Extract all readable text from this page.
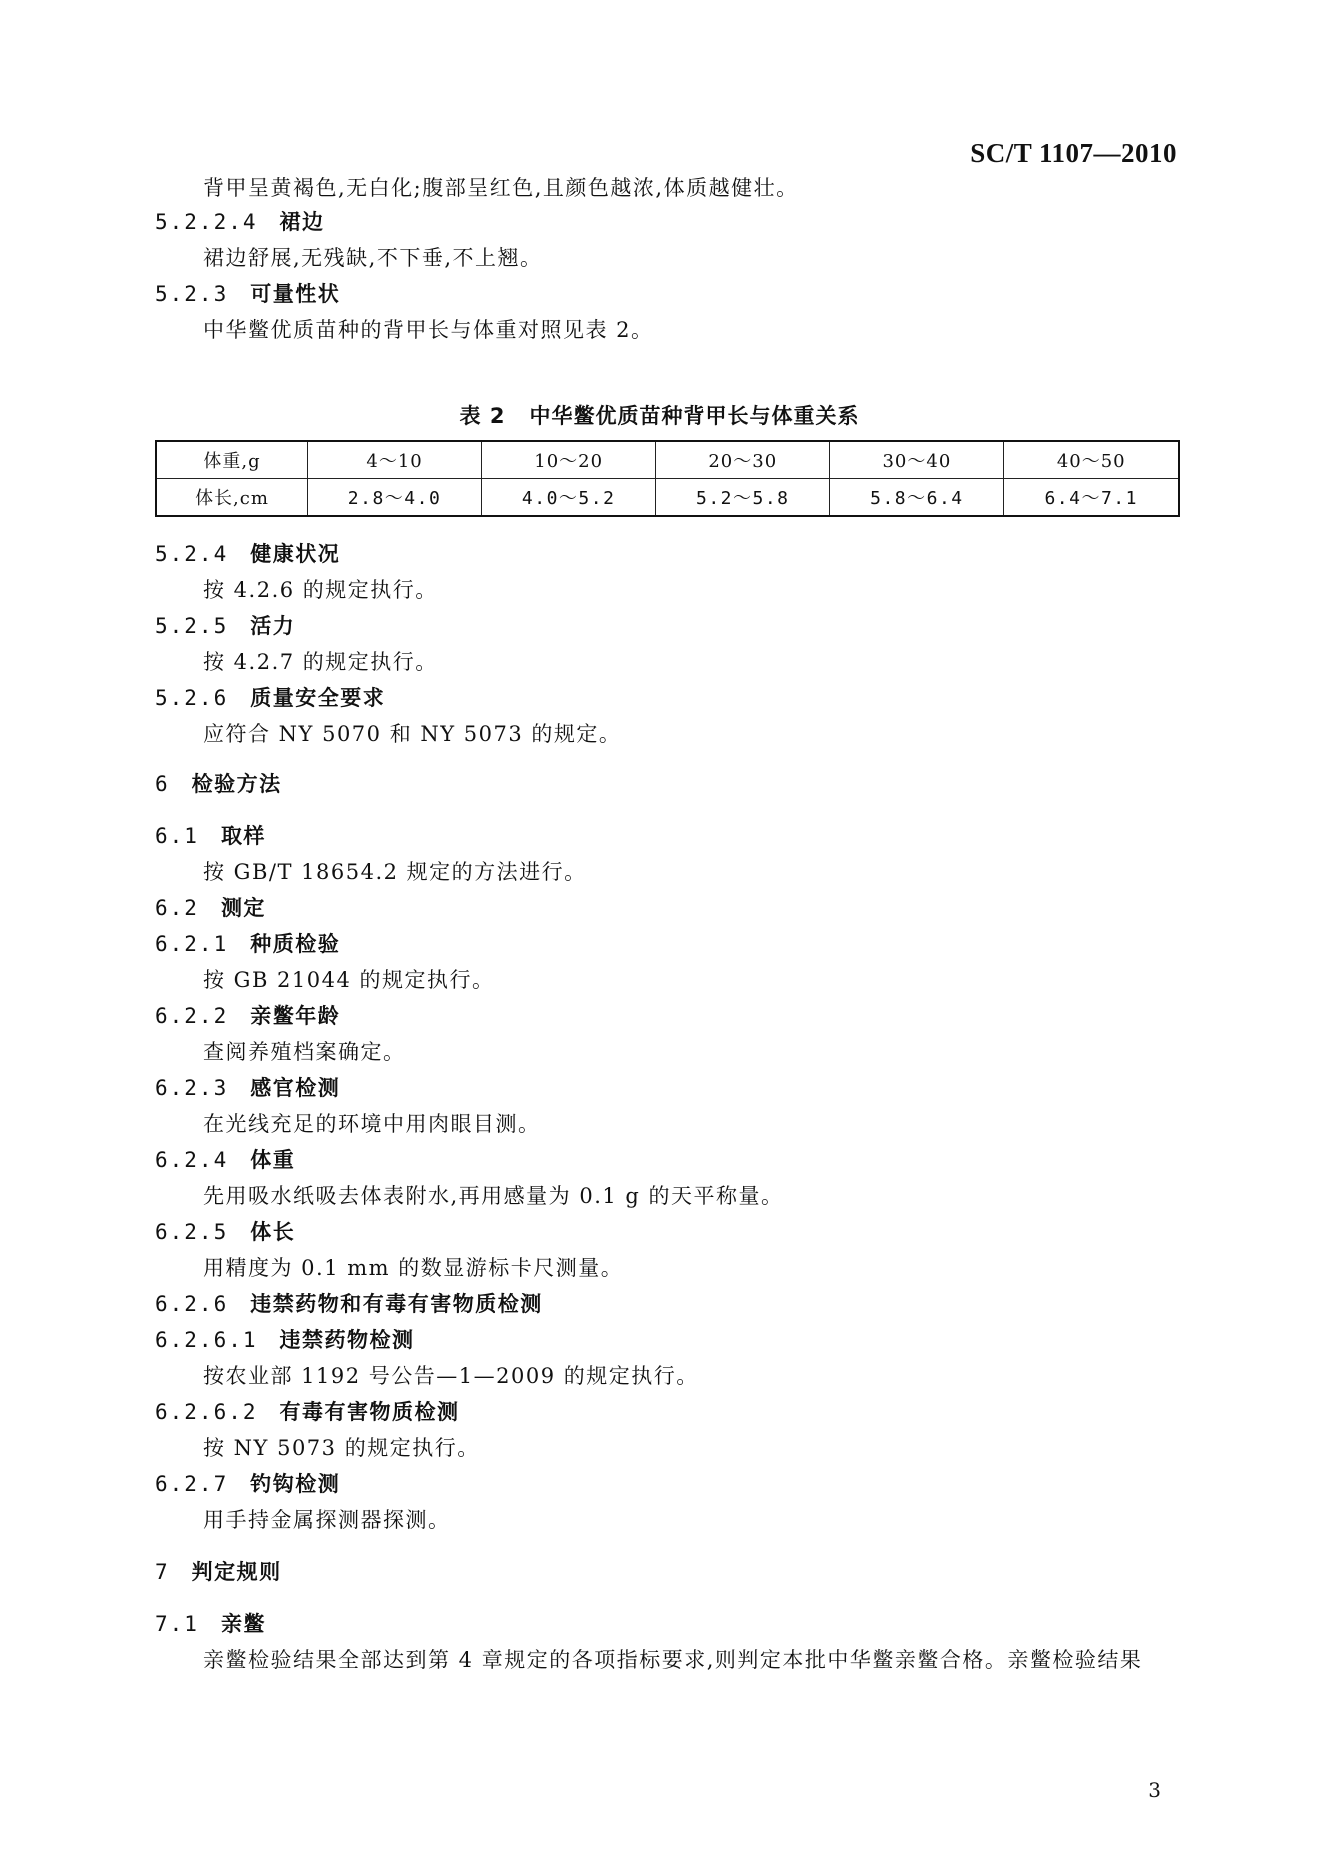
SC/T 1107—2010
背甲呈黄褐色,无白化;腹部呈红色,且颜色越浓,体质越健壮。
5.2.2.4 裙边
裙边舒展,无残缺,不下垂,不上翘。
5.2.3 可量性状
中华鳖优质苗种的背甲长与体重对照见表 2。
表 2 中华鳖优质苗种背甲长与体重关系
体重,g	4～10	10～20	20～30	30～40	40～50
体长,cm	2.8～4.0	4.0～5.2	5.2～5.8	5.8～6.4	6.4～7.1
5.2.4 健康状况
按 4.2.6 的规定执行。
5.2.5 活力
按 4.2.7 的规定执行。
5.2.6 质量安全要求
应符合 NY 5070 和 NY 5073 的规定。
6 检验方法
6.1 取样
按 GB/T 18654.2 规定的方法进行。
6.2 测定
6.2.1 种质检验
按 GB 21044 的规定执行。
6.2.2 亲鳖年龄
查阅养殖档案确定。
6.2.3 感官检测
在光线充足的环境中用肉眼目测。
6.2.4 体重
先用吸水纸吸去体表附水,再用感量为 0.1 g 的天平称量。
6.2.5 体长
用精度为 0.1 mm 的数显游标卡尺测量。
6.2.6 违禁药物和有毒有害物质检测
6.2.6.1 违禁药物检测
按农业部 1192 号公告—1—2009 的规定执行。
6.2.6.2 有毒有害物质检测
按 NY 5073 的规定执行。
6.2.7 钓钩检测
用手持金属探测器探测。
7 判定规则
7.1 亲鳖
亲鳖检验结果全部达到第 4 章规定的各项指标要求,则判定本批中华鳖亲鳖合格。亲鳖检验结果
3
